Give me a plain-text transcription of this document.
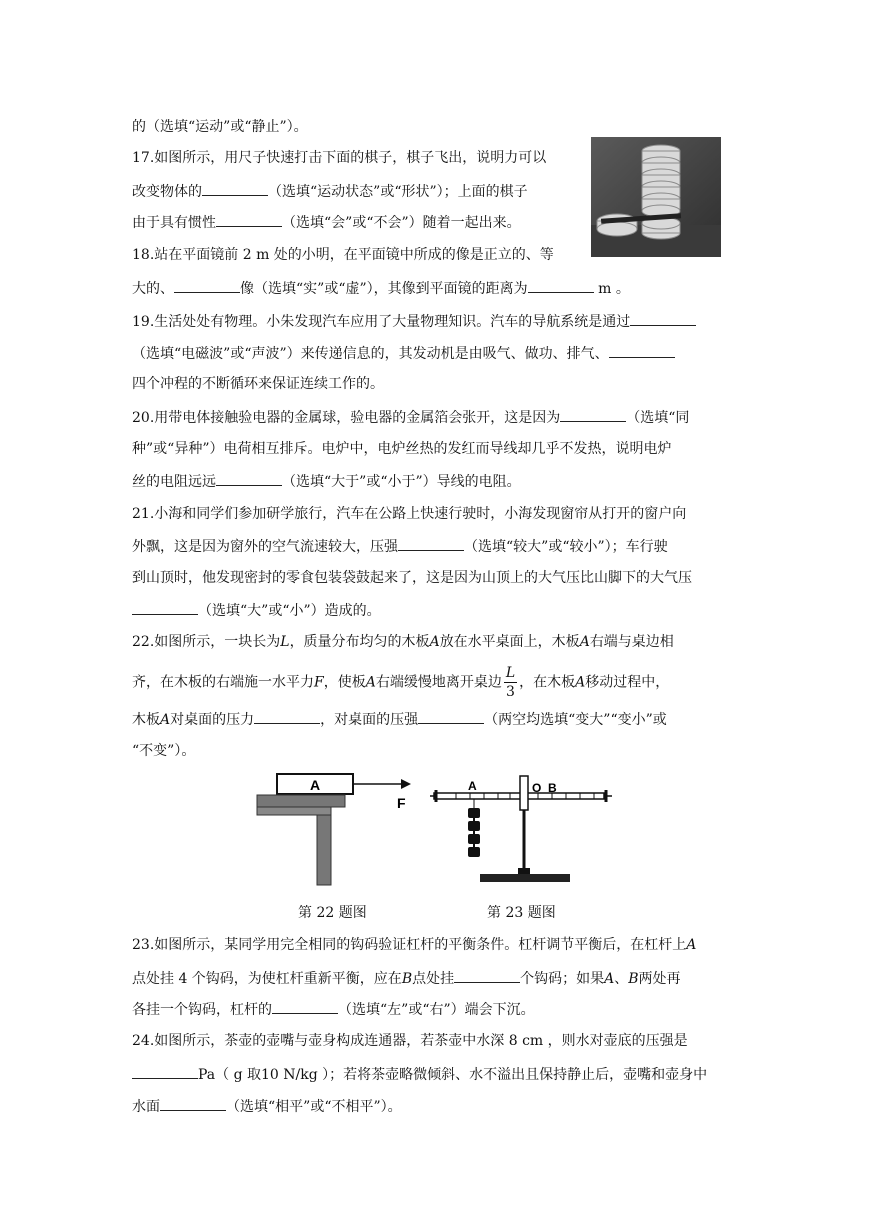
的（选填“运动”或“静止”）。
17.如图所示，用尺子快速打击下面的棋子，棋子飞出，说明力可以
改变物体的	（选填“运动状态”或“形状”）；上面的棋子
由于具有惯性	（选填“会”或“不会”）随着一起出来。
18.站在平面镜前 2 m 处的小明，在平面镜中所成的像是正立的、等
大的、	像（选填“实”或“虚”），其像到平面镜的距离为	m 。
19.生活处处有物理。小朱发现汽车应用了大量物理知识。汽车的导航系统是通过
（选填“电磁波”或“声波”）来传递信息的，其发动机是由吸气、做功、排气、
四个冲程的不断循环来保证连续工作的。
20.用带电体接触验电器的金属球，验电器的金属箔会张开，这是因为	（选填“同
种”或“异种”）电荷相互排斥。电炉中，电炉丝热的发红而导线却几乎不发热，说明电炉
丝的电阻远远	（选填“大于”或“小于”）导线的电阻。
21.小海和同学们参加研学旅行，汽车在公路上快速行驶时，小海发现窗帘从打开的窗户向
外飘，这是因为窗外的空气流速较大，压强	（选填“较大”或“较小”）；车行驶
到山顶时，他发现密封的零食包装袋鼓起来了，这是因为山顶上的大气压比山脚下的大气压
（选填“大”或“小”）造成的。
22.如图所示，一块长为L，质量分布均匀的木板A放在水平桌面上，木板A右端与桌边相
齐，在木板的右端施一水平力F，使板A右端缓慢地离开桌边 $\frac{L}{3}$ ，在木板A移动过程中，
木板A对桌面的压力	，对桌面的压强	（两空均选填“变大”“变小”或
“不变”）。
A
F
A	O B
第 22 题图	第 23 题图
23.如图所示，某同学用完全相同的钩码验证杠杆的平衡条件。杠杆调节平衡后，在杠杆上A
点处挂 4 个钩码，为使杠杆重新平衡，应在B点处挂	个钩码；如果A、B两处再
各挂一个钩码，杠杆的	（选填“左”或“右”）端会下沉。
24.如图所示，茶壶的壶嘴与壶身构成连通器，若茶壶中水深 8 cm ，则水对壶底的压强是
Pa（ g 取10 N/kg ）；若将茶壶略微倾斜、水不溢出且保持静止后，壶嘴和壶身中
水面	（选填“相平”或“不相平”）。
